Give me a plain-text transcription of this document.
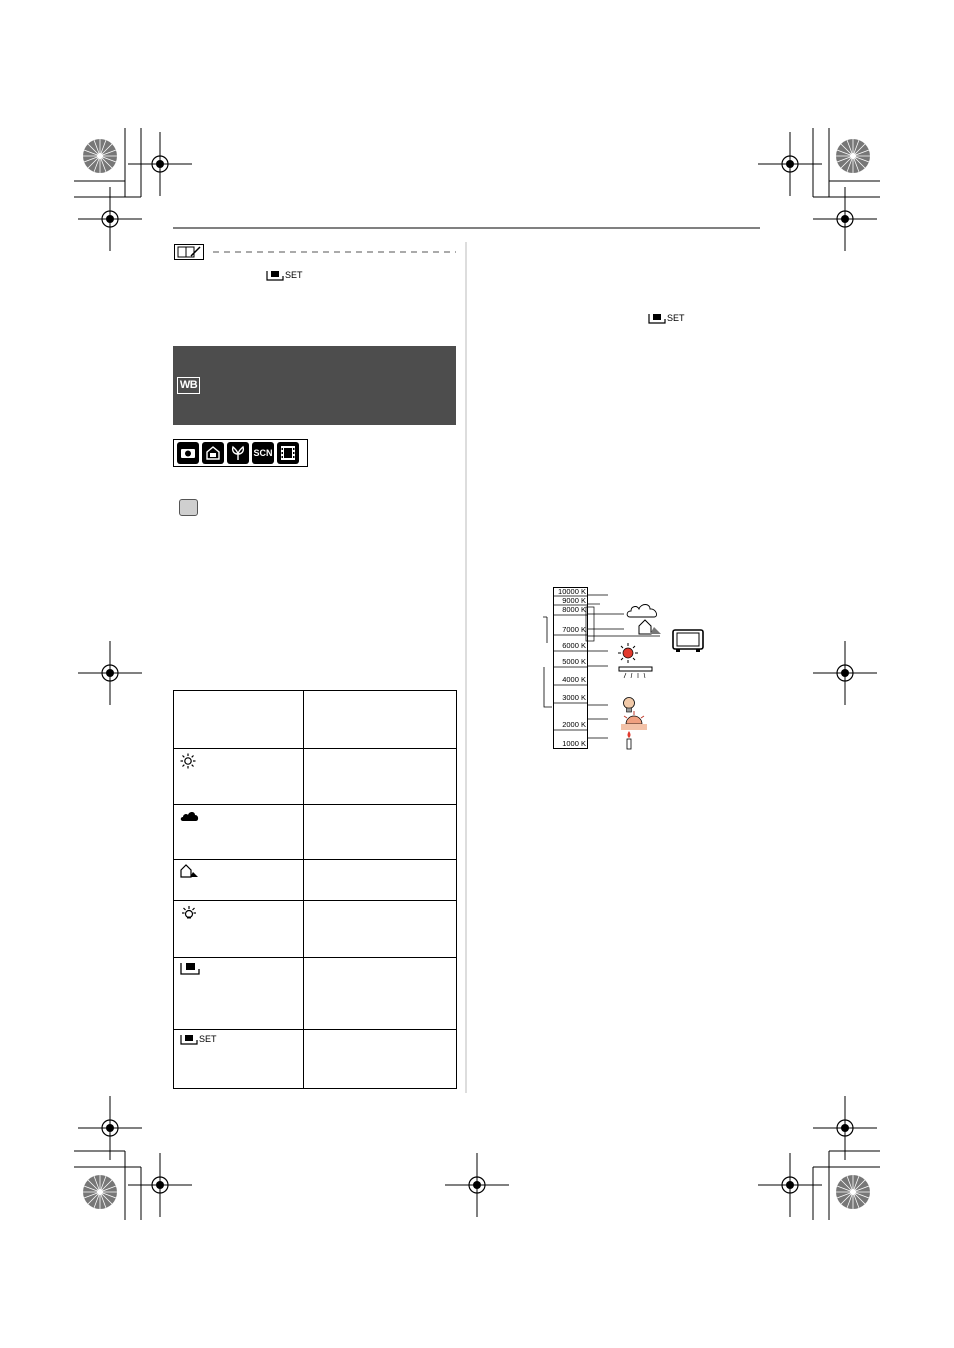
SET
WB
SCN

SET	

SET
10000 K
9000 K
8000 K
7000 K
6000 K
5000 K
4000 K
3000 K
2000 K
1000 K
